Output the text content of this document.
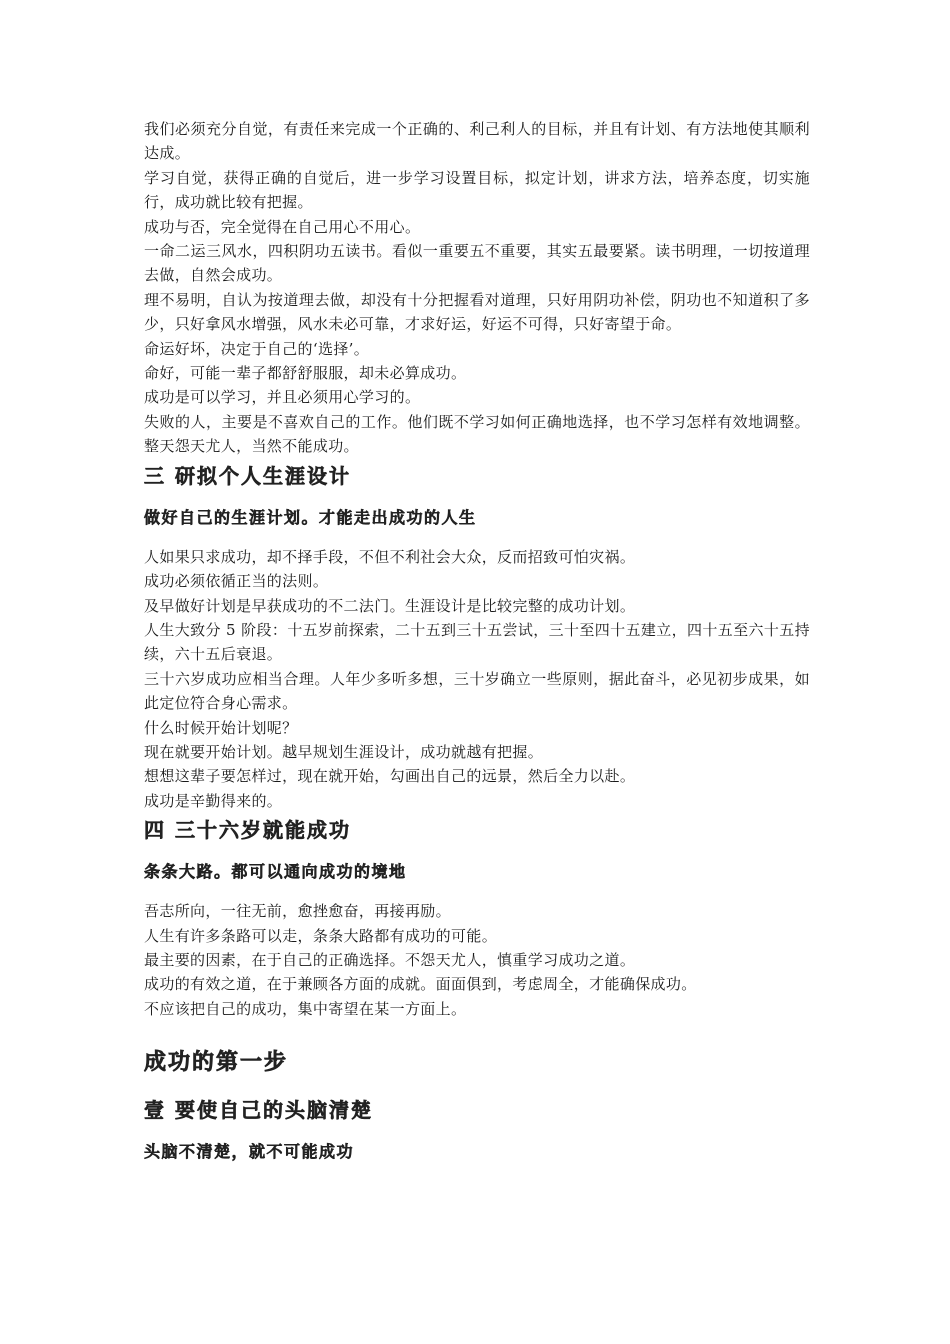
我们必须充分自觉，有责任来完成一个正确的、利己利人的目标，并且有计划、有方法地使其顺利达成。

学习自觉，获得正确的自觉后，进一步学习设置目标，拟定计划，讲求方法，培养态度，切实施行，成功就比较有把握。

成功与否，完全觉得在自己用心不用心。

一命二运三风水，四积阴功五读书。看似一重要五不重要，其实五最要紧。读书明理，一切按道理去做，自然会成功。

理不易明，自认为按道理去做，却没有十分把握看对道理，只好用阴功补偿，阴功也不知道积了多少，只好拿风水增强，风水未必可靠，才求好运，好运不可得，只好寄望于命。

命运好坏，决定于自己的‘选择’。

命好，可能一辈子都舒舒服服，却未必算成功。

成功是可以学习，并且必须用心学习的。

失败的人，主要是不喜欢自己的工作。他们既不学习如何正确地选择，也不学习怎样有效地调整。整天怨天尤人，当然不能成功。

三 研拟个人生涯设计
做好自己的生涯计划。才能走出成功的人生

人如果只求成功，却不择手段，不但不利社会大众，反而招致可怕灾祸。

成功必须依循正当的法则。

及早做好计划是早获成功的不二法门。生涯设计是比较完整的成功计划。

人生大致分 5 阶段：十五岁前探索，二十五到三十五尝试，三十至四十五建立，四十五至六十五持续，六十五后衰退。

三十六岁成功应相当合理。人年少多听多想，三十岁确立一些原则，据此奋斗，必见初步成果，如此定位符合身心需求。

什么时候开始计划呢？

现在就要开始计划。越早规划生涯设计，成功就越有把握。

想想这辈子要怎样过，现在就开始，勾画出自己的远景，然后全力以赴。

成功是辛勤得来的。

四 三十六岁就能成功
条条大路。都可以通向成功的境地

吾志所向，一往无前，愈挫愈奋，再接再励。

人生有许多条路可以走，条条大路都有成功的可能。

最主要的因素，在于自己的正确选择。不怨天尤人，慎重学习成功之道。

成功的有效之道，在于兼顾各方面的成就。面面俱到，考虑周全，才能确保成功。

不应该把自己的成功，集中寄望在某一方面上。

成功的第一步
壹 要使自己的头脑清楚
头脑不清楚，就不可能成功
